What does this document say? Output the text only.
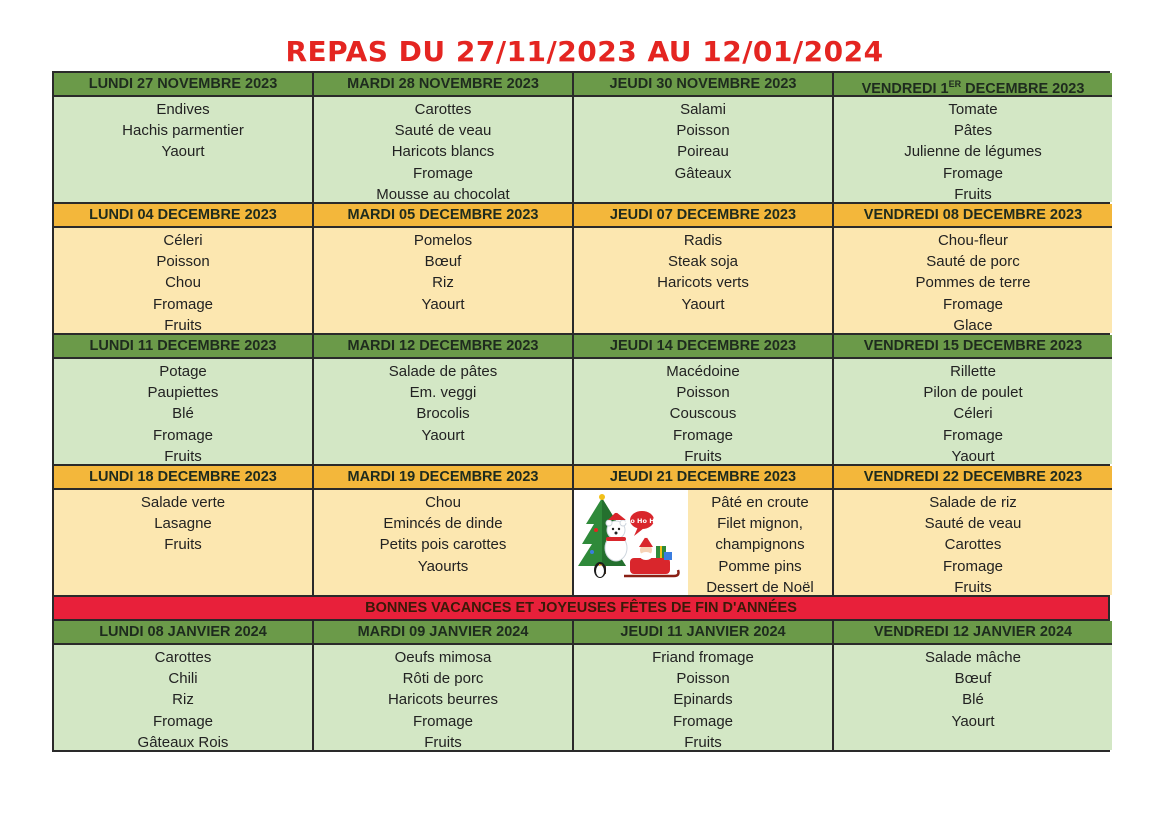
REPAS DU 27/11/2023 AU 12/01/2024
LUNDI 27 NOVEMBRE 2023
Endives
Hachis parmentier
Yaourt
MARDI 28 NOVEMBRE 2023
Carottes
Sauté de veau
Haricots blancs
Fromage
Mousse au chocolat
JEUDI 30 NOVEMBRE 2023
Salami
Poisson
Poireau
Gâteaux
VENDREDI 1ER DECEMBRE 2023
Tomate
Pâtes
Julienne de légumes
Fromage
Fruits
LUNDI 04 DECEMBRE 2023
Céleri
Poisson
Chou
Fromage
Fruits
MARDI 05 DECEMBRE 2023
Pomelos
Bœuf
Riz
Yaourt
JEUDI 07 DECEMBRE 2023
Radis
Steak soja
Haricots verts
Yaourt
VENDREDI 08 DECEMBRE 2023
Chou-fleur
Sauté de porc
Pommes de terre
Fromage
Glace
LUNDI 11 DECEMBRE 2023
Potage
Paupiettes
Blé
Fromage
Fruits
MARDI 12 DECEMBRE 2023
Salade de pâtes
Em. veggi
Brocolis
Yaourt
JEUDI 14 DECEMBRE 2023
Macédoine
Poisson
Couscous
Fromage
Fruits
VENDREDI 15 DECEMBRE 2023
Rillette
Pilon de poulet
Céleri
Fromage
Yaourt
LUNDI 18 DECEMBRE 2023
Salade verte
Lasagne
Fruits
MARDI 19 DECEMBRE 2023
Chou
Emincés de dinde
Petits pois carottes
Yaourts
JEUDI 21 DECEMBRE 2023
Ho Ho Ho
Pâté en croute
Filet mignon,
champignons
Pomme pins
Dessert de Noël
VENDREDI 22 DECEMBRE 2023
Salade de riz
Sauté de veau
Carottes
Fromage
Fruits
BONNES VACANCES ET JOYEUSES FÊTES DE FIN D'ANNÉES
LUNDI 08 JANVIER 2024
Carottes
Chili
Riz
Fromage
Gâteaux Rois
MARDI 09 JANVIER 2024
Oeufs mimosa
Rôti de porc
Haricots beurres
Fromage
Fruits
JEUDI 11 JANVIER 2024
Friand fromage
Poisson
Epinards
Fromage
Fruits
VENDREDI 12 JANVIER 2024
Salade mâche
Bœuf
Blé
Yaourt
